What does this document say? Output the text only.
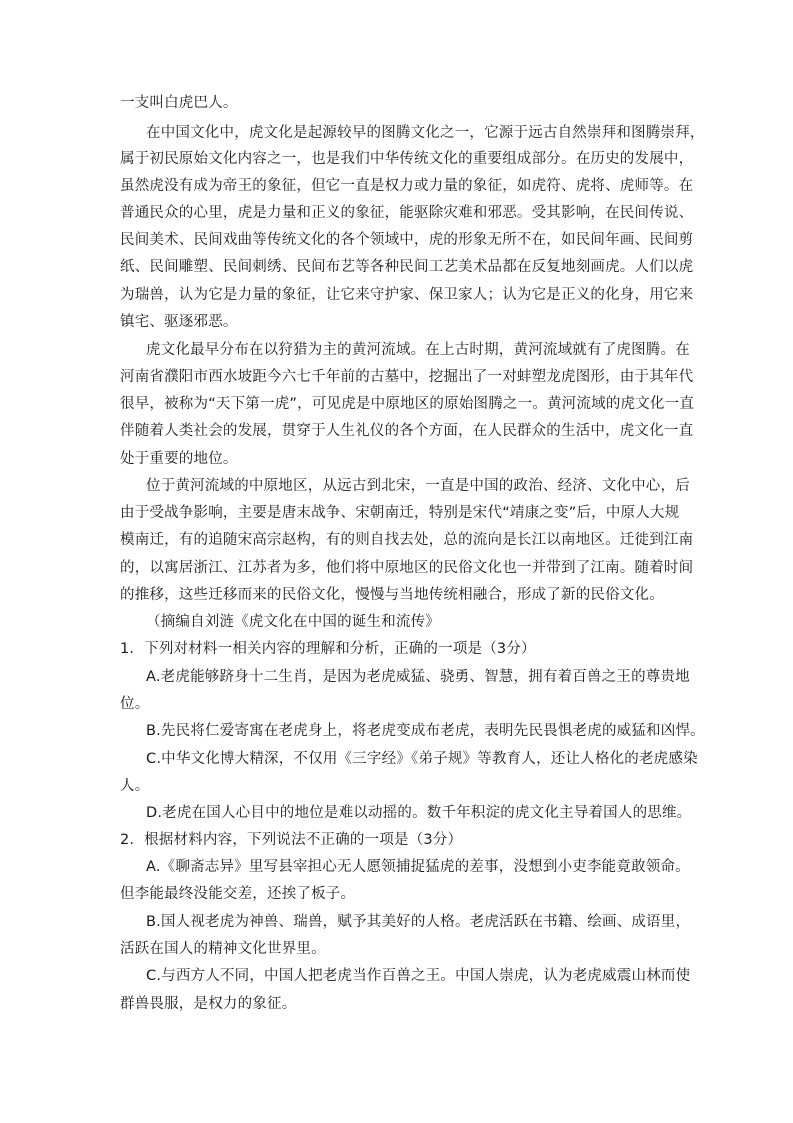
一支叫白虎巴人。
在中国文化中，虎文化是起源较早的图腾文化之一，它源于远古自然崇拜和图腾崇拜，
属于初民原始文化内容之一，也是我们中华传统文化的重要组成部分。在历史的发展中，
虽然虎没有成为帝王的象征，但它一直是权力或力量的象征，如虎符、虎将、虎师等。在
普通民众的心里，虎是力量和正义的象征，能驱除灾难和邪恶。受其影响，在民间传说、
民间美术、民间戏曲等传统文化的各个领域中，虎的形象无所不在，如民间年画、民间剪
纸、民间雕塑、民间刺绣、民间布艺等各种民间工艺美术品都在反复地刻画虎。人们以虎
为瑞兽，认为它是力量的象征，让它来守护家、保卫家人；认为它是正义的化身，用它来
镇宅、驱逐邪恶。
虎文化最早分布在以狩猎为主的黄河流域。在上古时期，黄河流域就有了虎图腾。在
河南省濮阳市西水坡距今六七千年前的古墓中，挖掘出了一对蚌塑龙虎图形，由于其年代
很早，被称为“天下第一虎”，可见虎是中原地区的原始图腾之一。黄河流域的虎文化一直
伴随着人类社会的发展，贯穿于人生礼仪的各个方面，在人民群众的生活中，虎文化一直
处于重要的地位。
位于黄河流域的中原地区，从远古到北宋，一直是中国的政治、经济、文化中心，后
由于受战争影响，主要是唐末战争、宋朝南迁，特别是宋代“靖康之变”后，中原人大规
模南迁，有的追随宋高宗赵构，有的则自找去处，总的流向是长江以南地区。迁徙到江南
的，以寓居浙江、江苏者为多，他们将中原地区的民俗文化也一并带到了江南。随着时间
的推移，这些迁移而来的民俗文化，慢慢与当地传统相融合，形成了新的民俗文化。
（摘编自刘涟《虎文化在中国的诞生和流传》
1．下列对材料一相关内容的理解和分析，正确的一项是（3分）
A.老虎能够跻身十二生肖，是因为老虎威猛、骁勇、智慧，拥有着百兽之王的尊贵地
位。
B.先民将仁爱寄寓在老虎身上，将老虎变成布老虎，表明先民畏惧老虎的威猛和凶悍。
C.中华文化博大精深，不仅用《三字经》《弟子规》等教育人，还让人格化的老虎感染
人。
D.老虎在国人心目中的地位是难以动摇的。数千年积淀的虎文化主导着国人的思维。
2．根据材料内容，下列说法不正确的一项是（3分）
A.《聊斋志异》里写县宰担心无人愿领捕捉猛虎的差事，没想到小吏李能竟敢领命。
但李能最终没能交差，还挨了板子。
B.国人视老虎为神兽、瑞兽，赋予其美好的人格。老虎活跃在书籍、绘画、成语里，
活跃在国人的精神文化世界里。
C.与西方人不同，中国人把老虎当作百兽之王。中国人崇虎，认为老虎威震山林而使
群兽畏服，是权力的象征。
